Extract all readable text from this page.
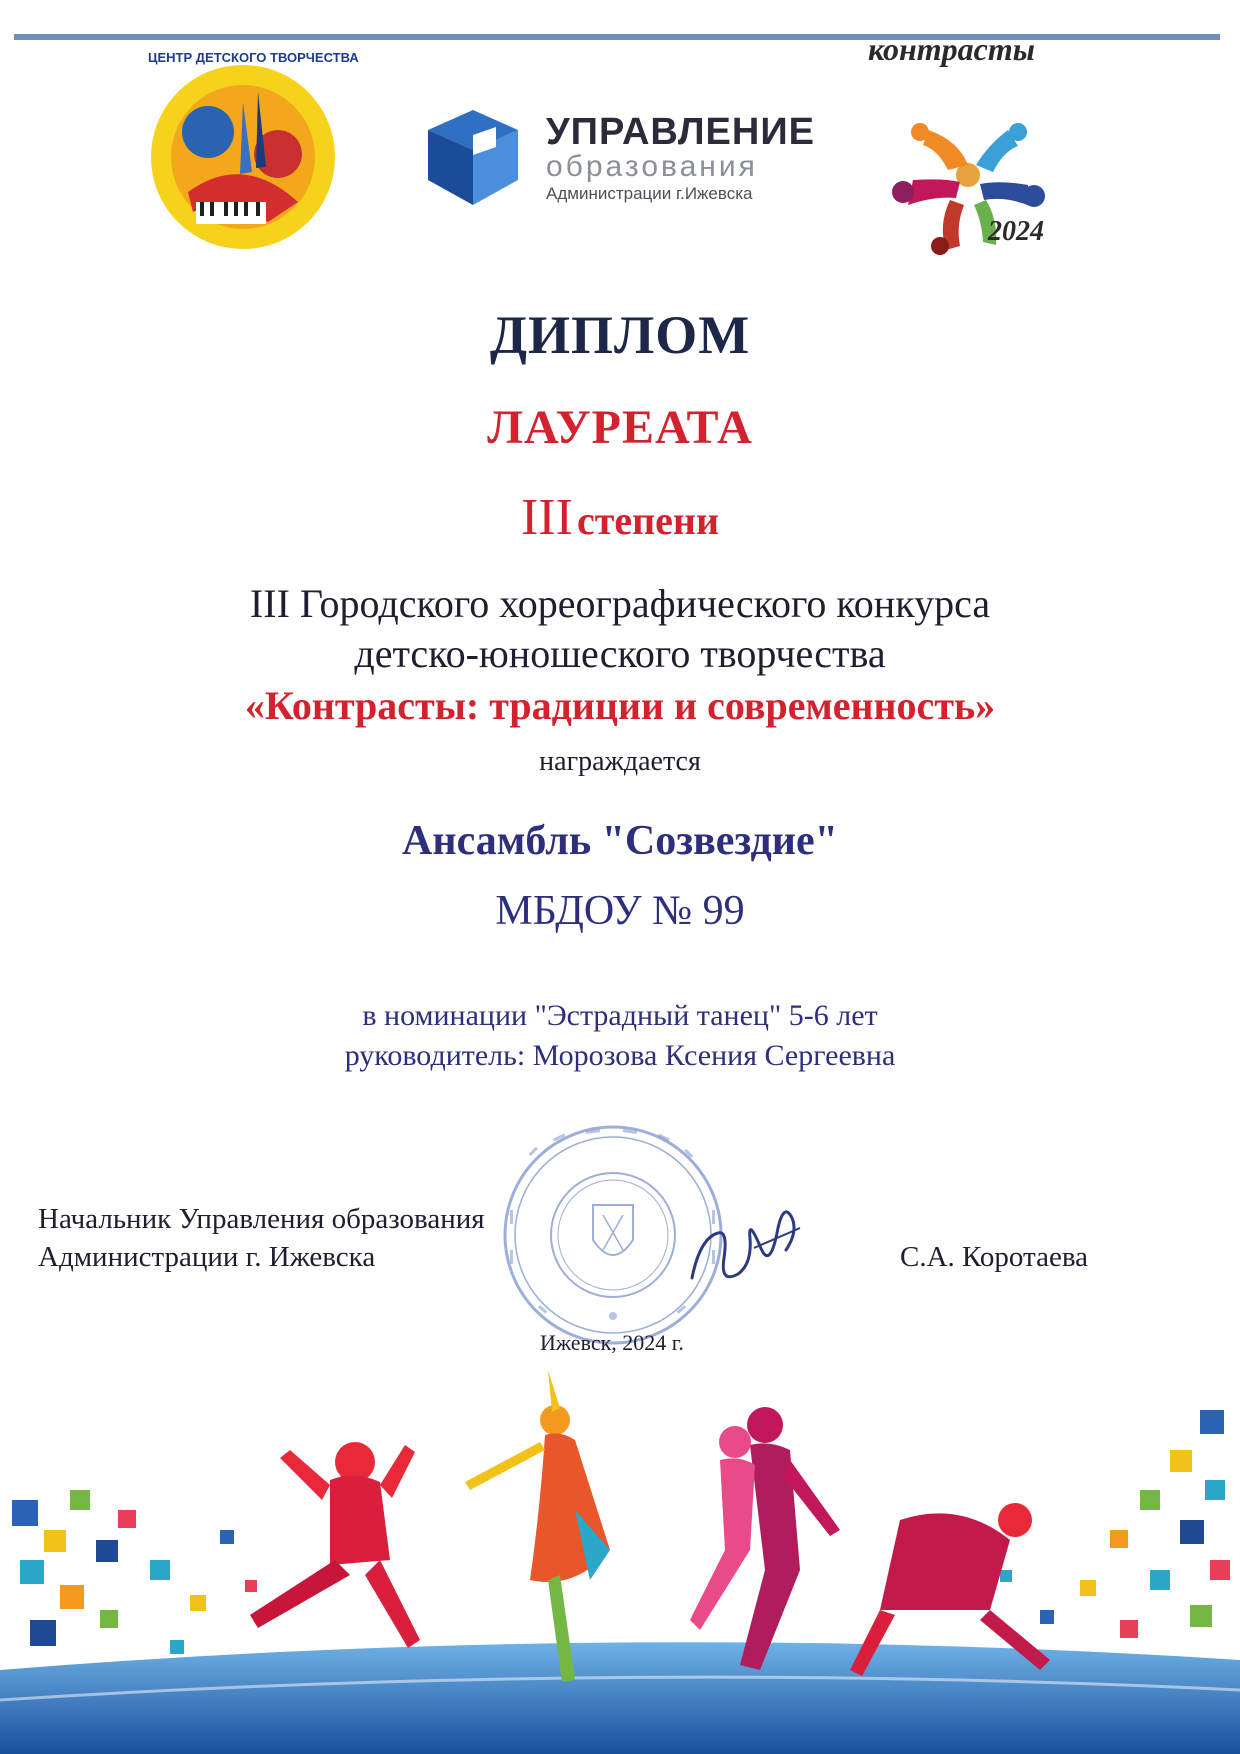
ЦЕНТР ДЕТСКОГО ТВОРЧЕСТВА
УПРАВЛЕНИЕ
образования
Администрации г.Ижевска
контрасты
2024
ДИПЛОМ
ЛАУРЕАТА
III степени
III Городского хореографического конкурса
детско-юношеского творчества
«Контрасты: традиции и современность»
награждается
Ансамбль "Созвездие"
МБДОУ № 99
в номинации "Эстрадный танец" 5-6 лет
руководитель: Морозова Ксения Сергеевна
Начальник Управления образования
Администрации г. Ижевска	С.А. Коротаева
Ижевск, 2024 г.
